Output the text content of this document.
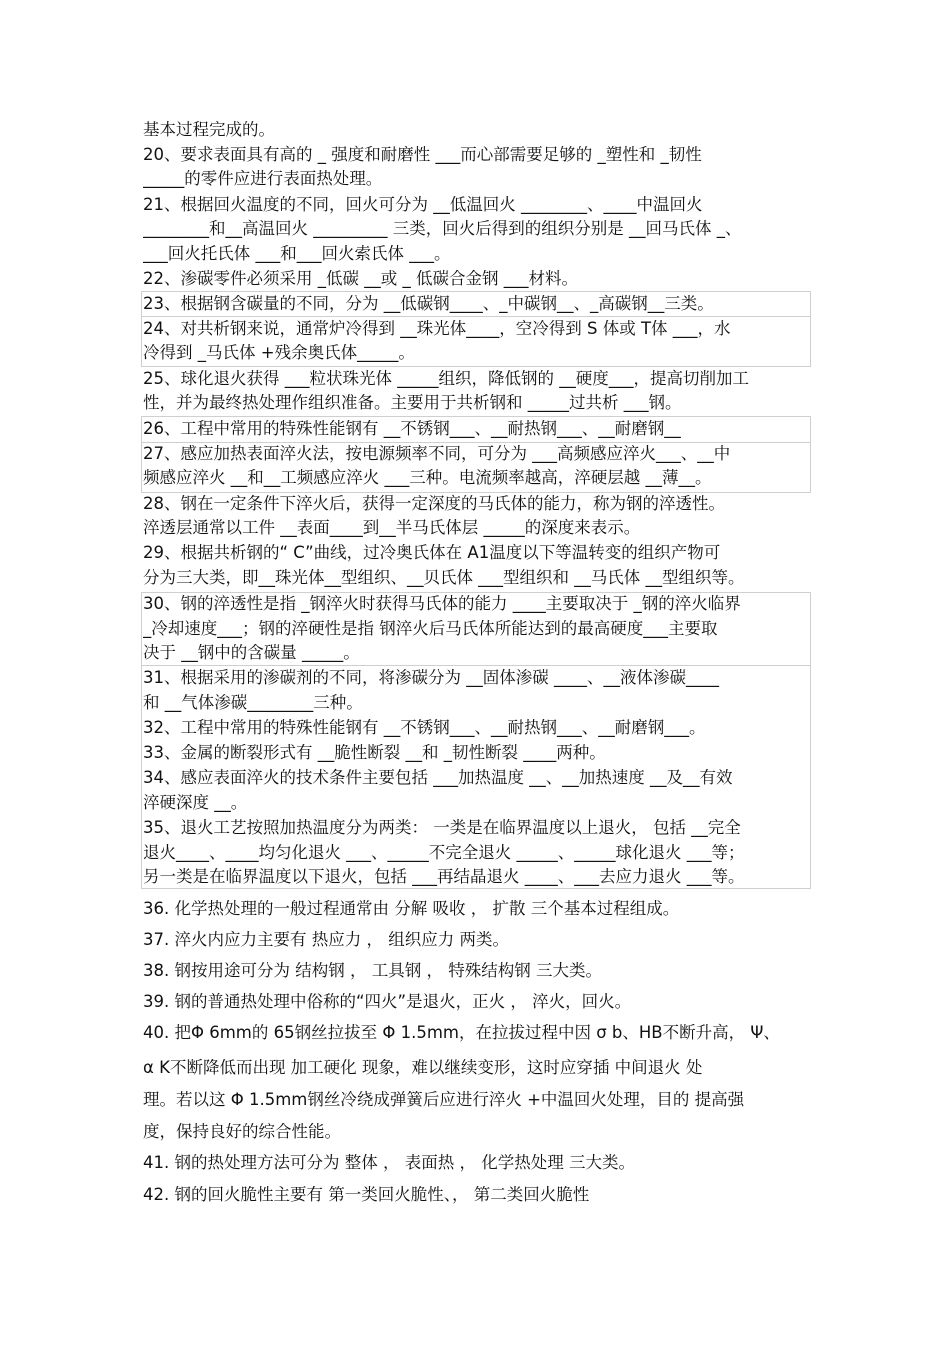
基本过程完成的。
20、要求表面具有高的 _ 强度和耐磨性 ___而心部需要足够的 _塑性和 _韧性
_____的零件应进行表面热处理。
21、根据回火温度的不同，回火可分为 __低温回火 ________、____中温回火
________和__高温回火 _________ 三类，回火后得到的组织分别是 __回马氏体 _、
___回火托氏体 ___和___回火索氏体 ___。
22、渗碳零件必须采用 _低碳 __或 _ 低碳合金钢 ___材料。
23、根据钢含碳量的不同，分为 __低碳钢____、_中碳钢__、_高碳钢__三类。
24、对共析钢来说，通常炉冷得到 __珠光体____，空冷得到 S 体或 T体 ___，水
冷得到 _马氏体 +残余奥氏体_____。
25、球化退火获得 ___粒状珠光体 _____组织，降低钢的 __硬度___，提高切削加工
性，并为最终热处理作组织准备。主要用于共析钢和 _____过共析 ___钢。
26、工程中常用的特殊性能钢有 __不锈钢___、__耐热钢___、__耐磨钢__
27、感应加热表面淬火法，按电源频率不同，可分为 ___高频感应淬火___、__中
频感应淬火 __和__工频感应淬火 ___三种。电流频率越高，淬硬层越 __薄__。
28、钢在一定条件下淬火后，获得一定深度的马氏体的能力，称为钢的淬透性。
淬透层通常以工件 __表面____到__半马氏体层 _____的深度来表示。
29、根据共析钢的“ C”曲线，过冷奥氏体在 A1温度以下等温转变的组织产物可
分为三大类，即__珠光体__型组织、__贝氏体 ___型组织和 __马氏体 __型组织等。
30、钢的淬透性是指 _钢淬火时获得马氏体的能力 ____主要取决于 _钢的淬火临界
_冷却速度___；钢的淬硬性是指 钢淬火后马氏体所能达到的最高硬度___主要取
决于 __钢中的含碳量 _____。
31、根据采用的渗碳剂的不同，将渗碳分为 __固体渗碳 ____、__液体渗碳____
和 __气体渗碳________三种。
32、工程中常用的特殊性能钢有 __不锈钢___、__耐热钢___、__耐磨钢___。
33、金属的断裂形式有 __脆性断裂 __和 _韧性断裂 ____两种。
34、感应表面淬火的技术条件主要包括 ___加热温度 __、__加热速度 __及__有效
淬硬深度 __。
35、退火工艺按照加热温度分为两类： 一类是在临界温度以上退火， 包括 __完全
退火____、____均匀化退火 ___、_____不完全退火 _____、_____球化退火 ___等；
另一类是在临界温度以下退火，包括 ___再结晶退火 ____、___去应力退火 ___等。
36. 化学热处理的一般过程通常由 分解 吸收 ， 扩散 三个基本过程组成。
37. 淬火内应力主要有 热应力 ， 组织应力 两类。
38. 钢按用途可分为 结构钢 ， 工具钢 ， 特殊结构钢 三大类。
39. 钢的普通热处理中俗称的“四火”是退火，正火 ， 淬火，回火。
40. 把Φ 6mm的 65钢丝拉拔至 Φ 1.5mm，在拉拔过程中因 σ b、HB不断升高， Ψ、
α K不断降低而出现 加工硬化 现象，难以继续变形，这时应穿插 中间退火 处
理。若以这 Φ 1.5mm钢丝冷绕成弹簧后应进行淬火 +中温回火处理，目的 提高强
度，保持良好的综合性能。
41. 钢的热处理方法可分为 整体 ， 表面热 ， 化学热处理 三大类。
42. 钢的回火脆性主要有 第一类回火脆性、， 第二类回火脆性
